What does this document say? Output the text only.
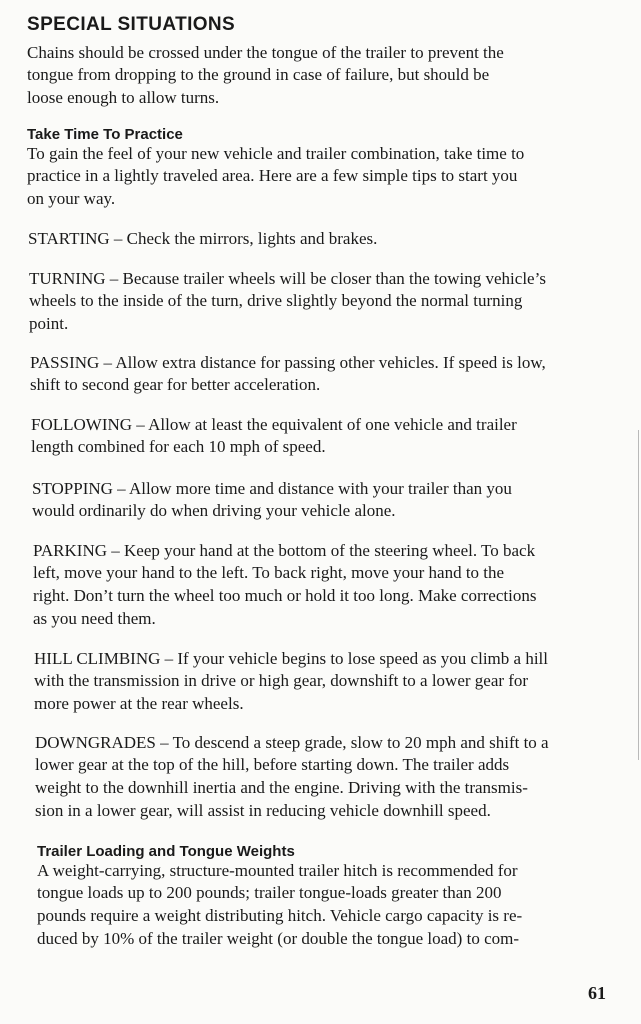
SPECIAL SITUATIONS
Chains should be crossed under the tongue of the trailer to prevent the
tongue from dropping to the ground in case of failure, but should be
loose enough to allow turns.
Take Time To Practice
To gain the feel of your new vehicle and trailer combination, take time to
practice in a lightly traveled area. Here are a few simple tips to start you
on your way.
STARTING – Check the mirrors, lights and brakes.
TURNING – Because trailer wheels will be closer than the towing vehicle’s
wheels to the inside of the turn, drive slightly beyond the normal turning
point.
PASSING – Allow extra distance for passing other vehicles. If speed is low,
shift to second gear for better acceleration.
FOLLOWING – Allow at least the equivalent of one vehicle and trailer
length combined for each 10 mph of speed.
STOPPING – Allow more time and distance with your trailer than you
would ordinarily do when driving your vehicle alone.
PARKING – Keep your hand at the bottom of the steering wheel. To back
left, move your hand to the left. To back right, move your hand to the
right. Don’t turn the wheel too much or hold it too long. Make corrections
as you need them.
HILL CLIMBING – If your vehicle begins to lose speed as you climb a hill
with the transmission in drive or high gear, downshift to a lower gear for
more power at the rear wheels.
DOWNGRADES – To descend a steep grade, slow to 20 mph and shift to a
lower gear at the top of the hill, before starting down. The trailer adds
weight to the downhill inertia and the engine. Driving with the transmis-
sion in a lower gear, will assist in reducing vehicle downhill speed.
Trailer Loading and Tongue Weights
A weight-carrying, structure-mounted trailer hitch is recommended for
tongue loads up to 200 pounds; trailer tongue-loads greater than 200
pounds require a weight distributing hitch. Vehicle cargo capacity is re-
duced by 10% of the trailer weight (or double the tongue load) to com-
61
